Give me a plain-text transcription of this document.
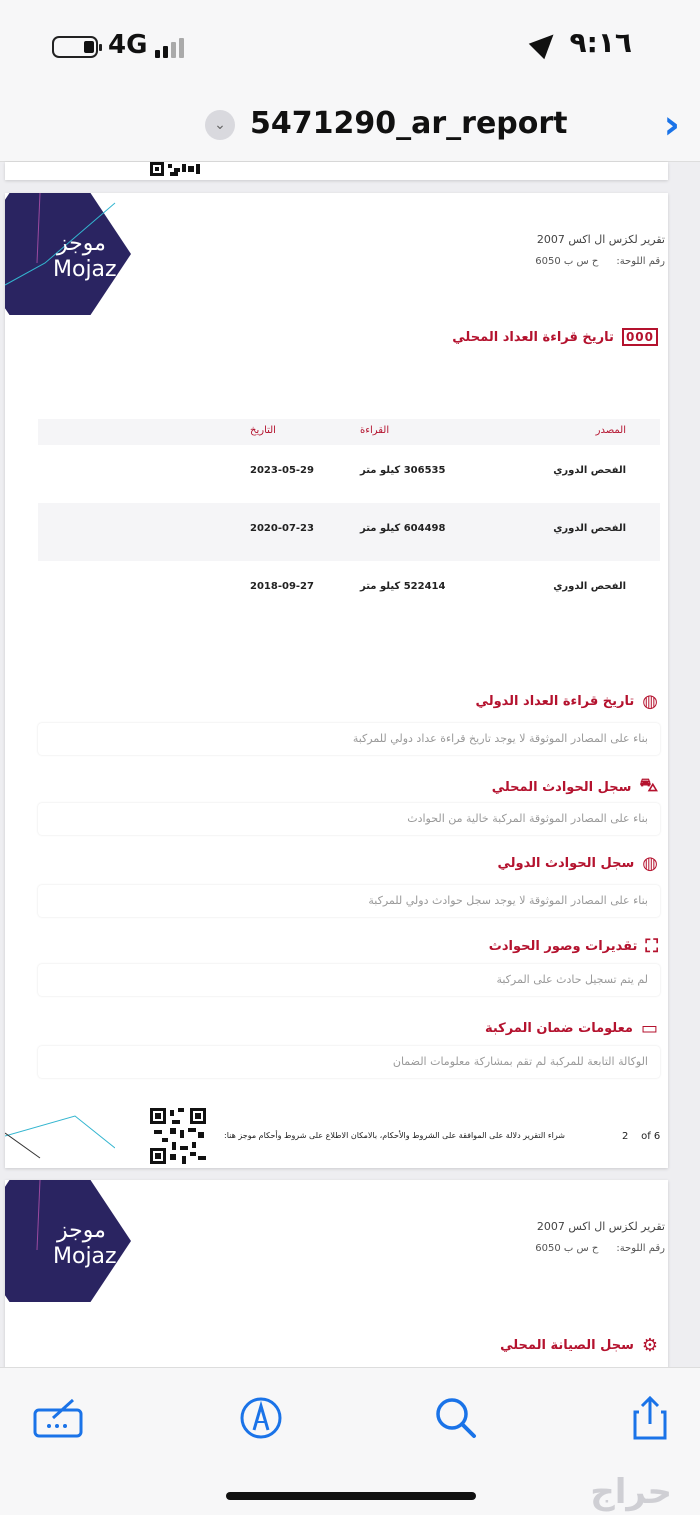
4G	٩:١٦
⌄ 5471290_ar_report ›
موجز
Mojaz
تقرير لكزس ال اكس 2007
رقم اللوحة:
ح س ب 6050
000
تاريخ قراءة العداد المحلي
المصدر
القراءة
التاريخ
الفحص الدوري
306535 كيلو متر
2023-05-29
الفحص الدوري
604498 كيلو متر
2020-07-23
الفحص الدوري
522414 كيلو متر
2018-09-27
◍
تاريخ قراءة العداد الدولي
بناء على المصادر الموثوقة لا يوجد تاريخ قراءة عداد دولي للمركبة
⛍
سجل الحوادث المحلي
بناء على المصادر الموثوقة المركبة خالية من الحوادث
◍
سجل الحوادث الدولي
بناء على المصادر الموثوقة لا يوجد سجل حوادث دولي للمركبة
⛶
تقديرات وصور الحوادث
لم يتم تسجيل حادث على المركبة
▭
معلومات ضمان المركبة
الوكالة التابعة للمركبة لم تقم بمشاركة معلومات الضمان
شراء التقرير دلالة على الموافقة على الشروط والأحكام، بالامكان الاطلاع على شروط وأحكام موجز هنا:	2 of 6
موجز
Mojaz
تقرير لكزس ال اكس 2007
رقم اللوحة:
ح س ب 6050
⚙
سجل الصيانة المحلي
حراج
